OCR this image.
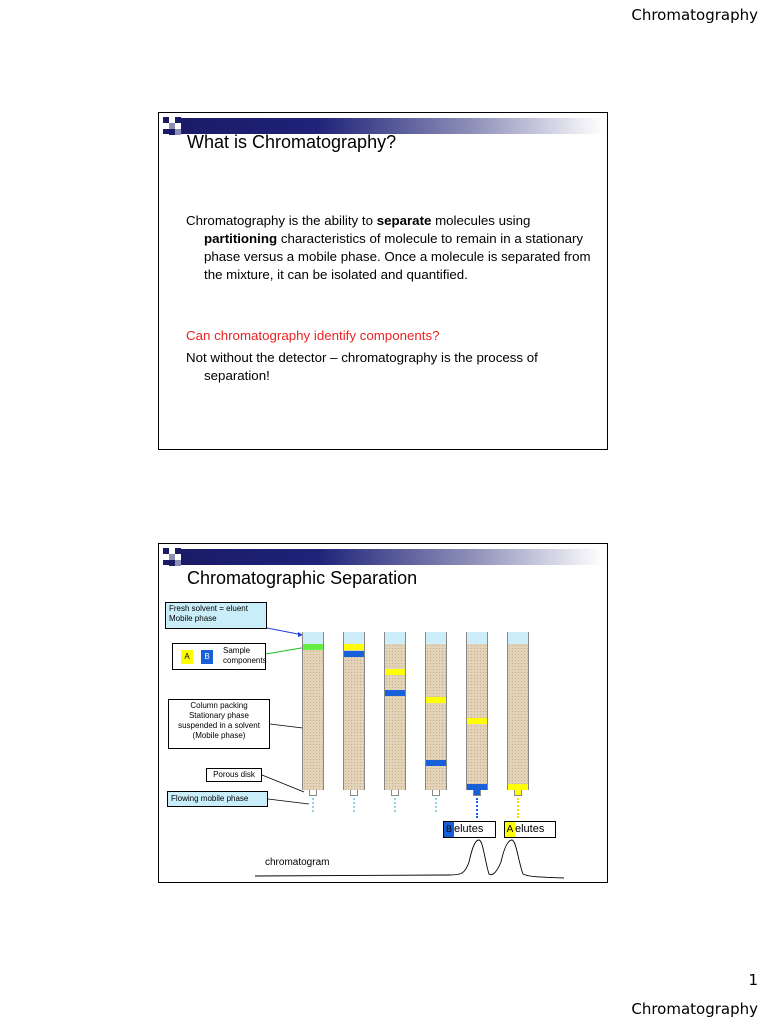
Chromatography
What is Chromatography?

Chromatography is the ability to separate molecules using partitioning characteristics of molecule to remain in a stationary phase versus a mobile phase. Once a molecule is separated from the mixture, it can be isolated and quantified.

Can chromatography identify components?

Not without the detector – chromatography is the process of separation!

Chromatographic Separation
Fresh solvent = eluent Mobile phase
A	B
Sample components
Column packing Stationary phase suspended in a solvent (Mobile phase)
Porous disk
Flowing mobile phase
B elutes	A elutes
chromatogram
1
Chromatography
